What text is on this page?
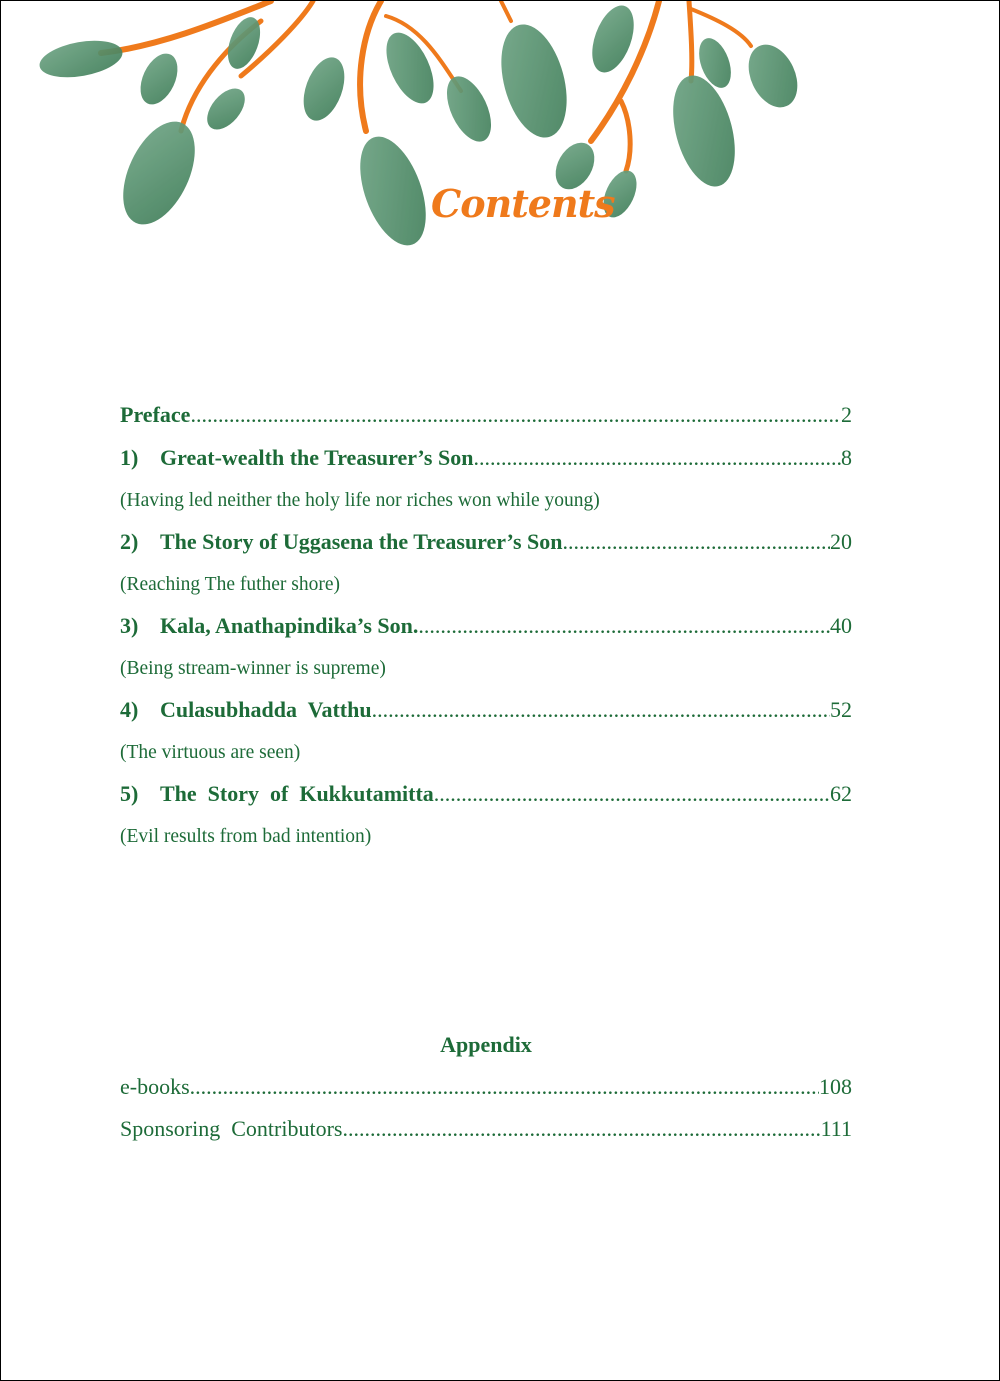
Contents
Preface .....	2
1) Great-wealth the Treasurer’s Son .....	8
(Having led neither the holy life nor riches won while young)
2) The Story of Uggasena the Treasurer’s Son .....	20
(Reaching The futher shore)
3) Kala, Anathapindika’s Son. .....	40
(Being stream-winner is supreme)
4) Culasubhadda  Vatthu .....	52
(The virtuous are seen)
5) The  Story  of  Kukkutamitta .....	62
(Evil results from bad intention)
Appendix
e-books .....	108
Sponsoring  Contributors .....	111
